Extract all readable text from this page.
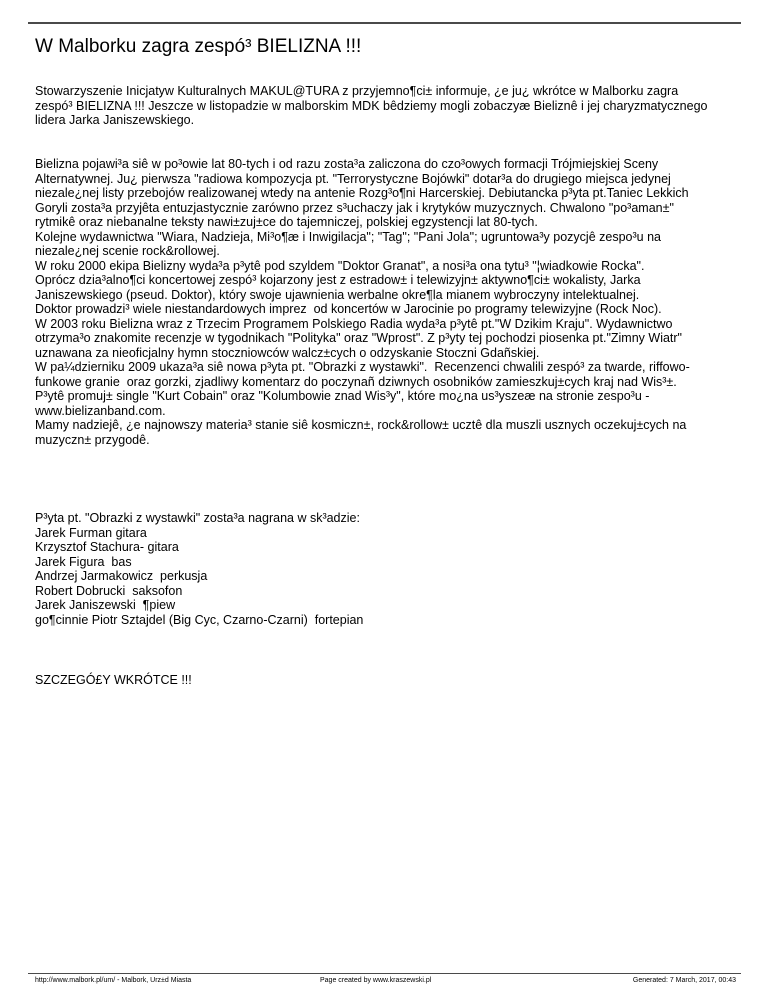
W Malborku zagra zespó³ BIELIZNA !!!

Stowarzyszenie Inicjatyw Kulturalnych MAKUL@TURA z przyjemno¶ci± informuje, ¿e ju¿ wkrótce w Malborku zagra
zespó³ BIELIZNA !!! Jeszcze w listopadzie w malborskim MDK bêdziemy mogli zobaczyæ Bieliznê i jej charyzmatycznego
lidera Jarka Janiszewskiego.

Bielizna pojawi³a siê w po³owie lat 80-tych i od razu zosta³a zaliczona do czo³owych formacji Trójmiejskiej Sceny
Alternatywnej. Ju¿ pierwsza "radiowa kompozycja pt. "Terrorystyczne Bojówki" dotar³a do drugiego miejsca jedynej
niezale¿nej listy przebojów realizowanej wtedy na antenie Rozg³o¶ni Harcerskiej. Debiutancka p³yta pt.Taniec Lekkich
Goryli zosta³a przyjêta entuzjastycznie zarówno przez s³uchaczy jak i krytyków muzycznych. Chwalono "po³aman±"
rytmikê oraz niebanalne teksty nawi±zuj±ce do tajemniczej, polskiej egzystencji lat 80-tych.
Kolejne wydawnictwa "Wiara, Nadzieja, Mi³o¶æ i Inwigilacja"; "Tag"; "Pani Jola"; ugruntowa³y pozycjê zespo³u na
niezale¿nej scenie rock&rollowej.
W roku 2000 ekipa Bielizny wyda³a p³ytê pod szyldem "Doktor Granat", a nosi³a ona tytu³ "¦wiadkowie Rocka".
Oprócz dzia³alno¶ci koncertowej zespó³ kojarzony jest z estradow± i telewizyjn± aktywno¶ci± wokalisty, Jarka
Janiszewskiego (pseud. Doktor), który swoje ujawnienia werbalne okre¶la mianem wybroczyny intelektualnej.
Doktor prowadzi³ wiele niestandardowych imprez  od koncertów w Jarocinie po programy telewizyjne (Rock Noc).
W 2003 roku Bielizna wraz z Trzecim Programem Polskiego Radia wyda³a p³ytê pt."W Dzikim Kraju". Wydawnictwo
otrzyma³o znakomite recenzje w tygodnikach "Polityka" oraz "Wprost". Z p³yty tej pochodzi piosenka pt."Zimny Wiatr"
uznawana za nieoficjalny hymn stoczniowców walcz±cych o odzyskanie Stoczni Gdañskiej.
W pa¼dzierniku 2009 ukaza³a siê nowa p³yta pt. "Obrazki z wystawki".  Recenzenci chwalili zespó³ za twarde, riffowo-
funkowe granie  oraz gorzki, zjadliwy komentarz do poczynañ dziwnych osobników zamieszkuj±cych kraj nad Wis³±.
P³ytê promuj± single "Kurt Cobain" oraz "Kolumbowie znad Wis³y", które mo¿na us³yszeæ na stronie zespo³u -
www.bielizanband.com.
Mamy nadziejê, ¿e najnowszy materia³ stanie siê kosmiczn±, rock&rollow± ucztê dla muszli usznych oczekuj±cych na
muzyczn± przygodê.

P³yta pt. "Obrazki z wystawki" zosta³a nagrana w sk³adzie:
Jarek Furman gitara
Krzysztof Stachura- gitara
Jarek Figura  bas
Andrzej Jarmakowicz  perkusja
Robert Dobrucki  saksofon
Jarek Janiszewski  ¶piew
go¶cinnie Piotr Sztajdel (Big Cyc, Czarno-Czarni)  fortepian

SZCZEGÓ£Y WKRÓTCE !!!

http://www.malbork.pl/um/ - Malbork, Urz±d Miasta	Page created by www.kraszewski.pl	Generated: 7 March, 2017, 00:43
